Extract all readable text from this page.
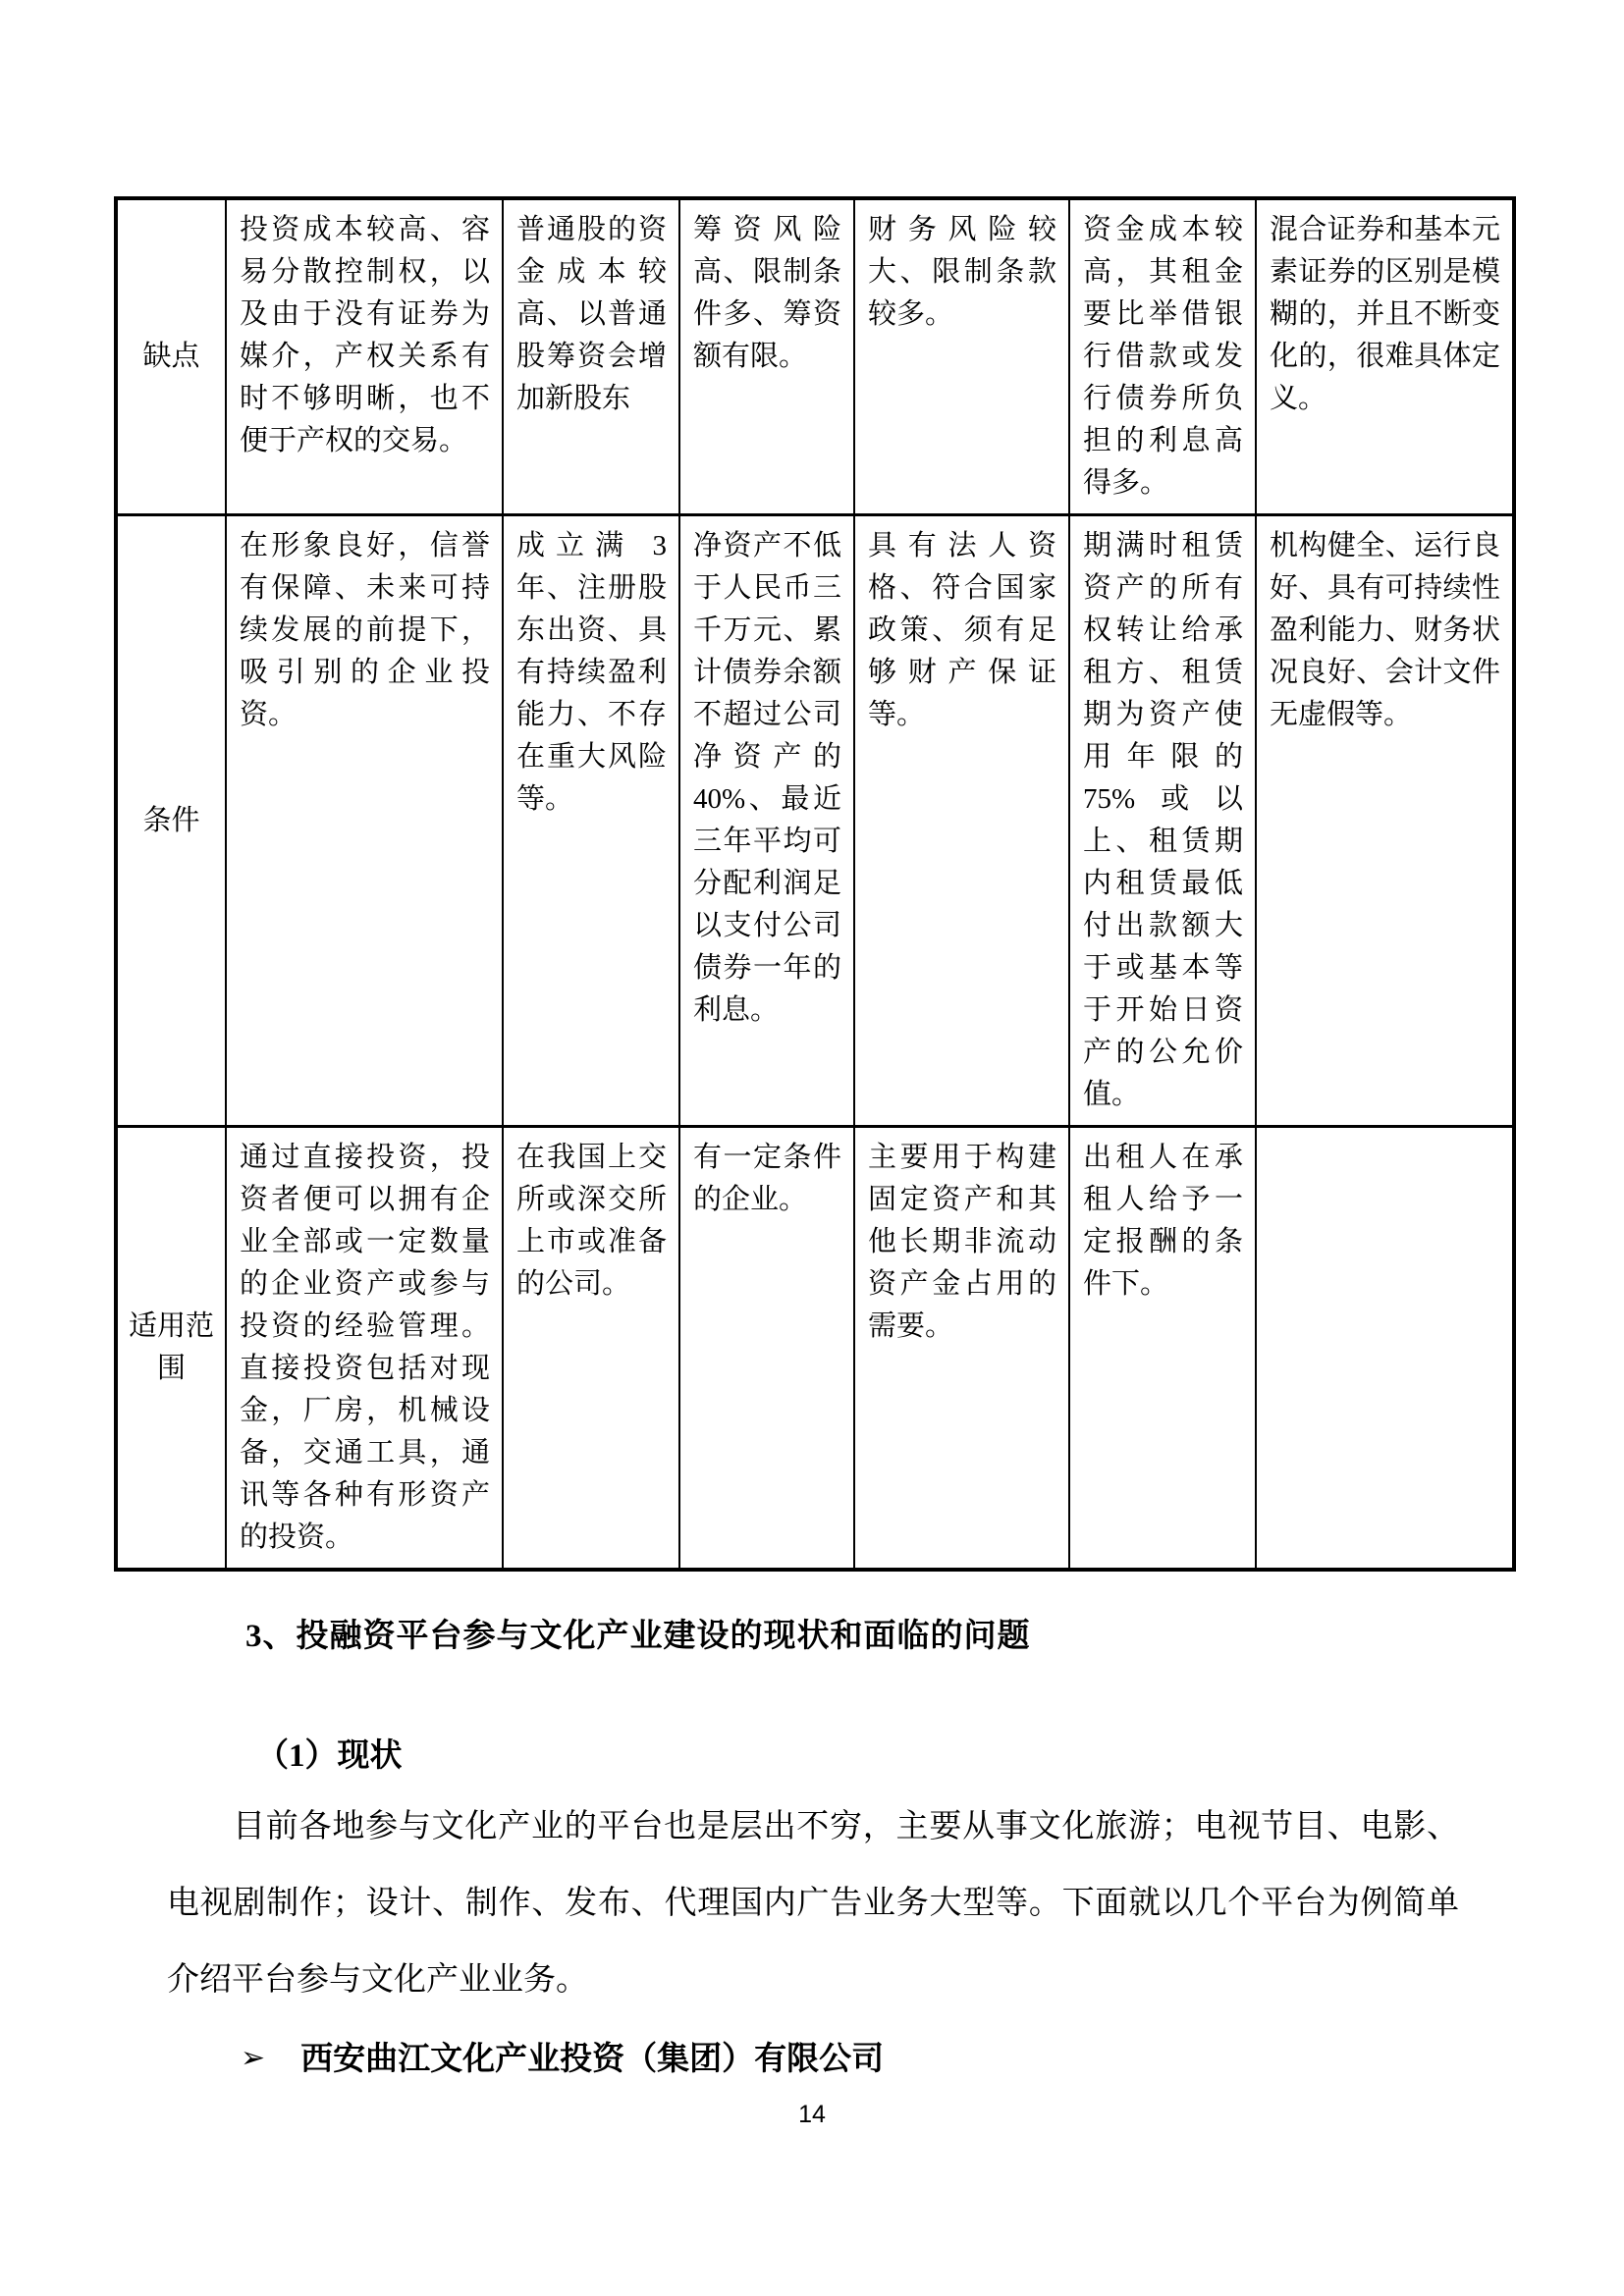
缺点	投资成本较高、容易分散控制权，以及由于没有证券为媒介，产权关系有时不够明晰，也不便于产权的交易。	普通股的资金成本较高、以普通股筹资会增加新股东	筹资风险高、限制条件多、筹资额有限。	财务风险较大、限制条款较多。	资金成本较高，其租金要比举借银行借款或发行债券所负担的利息高得多。	混合证券和基本元素证券的区别是模糊的，并且不断变化的，很难具体定义。
条件	在形象良好，信誉有保障、未来可持续发展的前提下，吸引别的企业投资。	成立满 3 年、注册股东出资、具有持续盈利能力、不存在重大风险等。	净资产不低于人民币三千万元、累计债券余额不超过公司净资产的40%、最近三年平均可分配利润足以支付公司债券一年的利息。	具有法人资格、符合国家政策、须有足够财产保证等。	期满时租赁资产的所有权转让给承租方、租赁期为资产使用年限的 75%或以上、租赁期内租赁最低付出款额大于或基本等于开始日资产的公允价值。	机构健全、运行良好、具有可持续性盈利能力、财务状况良好、会计文件无虚假等。
适用范围	通过直接投资，投资者便可以拥有企业全部或一定数量的企业资产或参与投资的经验管理。直接投资包括对现金，厂房，机械设备，交通工具，通讯等各种有形资产的投资。	在我国上交所或深交所上市或准备的公司。	有一定条件的企业。	主要用于构建固定资产和其他长期非流动资产金占用的需要。	出租人在承租人给予一定报酬的条件下。	
3、投融资平台参与文化产业建设的现状和面临的问题
（1）现状
目前各地参与文化产业的平台也是层出不穷，主要从事文化旅游；电视节目、电影、电视剧制作；设计、制作、发布、代理国内广告业务大型等。下面就以几个平台为例简单介绍平台参与文化产业业务。
➢ 西安曲江文化产业投资（集团）有限公司
14
